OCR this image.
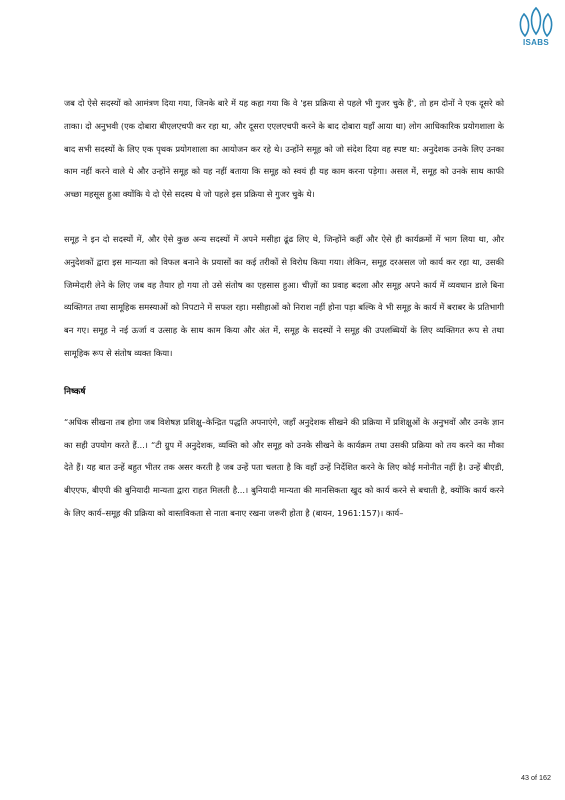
ISABS

जब दो ऐसे सदस्यों को आमंत्रण दिया गया, जिनके बारे में यह कहा गया कि वे 'इस प्रक्रिया से पहले भी गुजर चुके हैं', तो हम दोनों ने एक दूसरे को ताका। दो अनुभवी (एक दोबारा बीएलएचपी कर रहा था, और दूसरा एएलएचपी करने के बाद दोबारा यहाँ आया था) लोग आधिकारिक प्रयोगशाला के बाद सभी सदस्यों के लिए एक पृथक प्रयोगशाला का आयोजन कर रहे थे। उन्होंने समूह को जो संदेश दिया वह स्पष्ट था: अनुदेशक उनके लिए उनका काम नहीं करने वाले थे और उन्होंने समूह को यह नहीं बताया कि समूह को स्वयं ही यह काम करना पड़ेगा। असल में, समूह को उनके साथ काफी अच्छा महसूस हुआ क्योंकि ये दो ऐसे सदस्य थे जो पहले इस प्रक्रिया से गुजर चुके थे।

समूह ने इन दो सदस्यों में, और ऐसे कुछ अन्य सदस्यों में अपने मसीहा ढूंढ लिए थे, जिन्होंने कहीं और ऐसे ही कार्यक्रमों में भाग लिया था, और अनुदेशकों द्वारा इस मान्यता को विफल बनाने के प्रयासों का कई तरीकों से विरोध किया गया। लेकिन, समूह दरअसल जो कार्य कर रहा था, उसकी जिम्मेदारी लेने के लिए जब वह तैयार हो गया तो उसे संतोष का एहसास हुआ। चीज़ों का प्रवाह बदला और समूह अपने कार्य में व्यवधान डाले बिना व्यक्तिगत तथा सामूहिक समस्याओं को निपटाने में सफल रहा। मसीहाओं को निराश नहीं होना पड़ा बल्कि वे भी समूह के कार्य में बराबर के प्रतिभागी बन गए। समूह ने नई ऊर्जा व उत्साह के साथ काम किया और अंत में, समूह के सदस्यों ने समूह की उपलब्धियों के लिए व्यक्तिगत रूप से तथा सामूहिक रूप से संतोष व्यक्त किया।

निष्कर्ष

“अधिक सीखना तब होगा जब विशेषज्ञ प्रशिक्षु–केन्द्रित पद्धति अपनाएंगे, जहाँ अनुदेशक सीखने की प्रक्रिया में प्रशिक्षुओं के अनुभवों और उनके ज्ञान का सही उपयोग करते हैं...। “टी ग्रुप में अनुदेशक, व्यक्ति को और समूह को उनके सीखने के कार्यक्रम तथा उसकी प्रक्रिया को तय करने का मौका देते हैं। यह बात उन्हें बहुत भीतर तक असर करती है जब उन्हें पता चलता है कि वहाँ उन्हें निर्देशित करने के लिए कोई मनोनीत नहीं है। उन्हें बीएडी, बीएएफ, बीएपी की बुनियादी मान्यता द्वारा राहत मिलती है...। बुनियादी मान्यता की मानसिकता खुद को कार्य करने से बचाती है, क्योंकि कार्य करने के लिए कार्य–समूह की प्रक्रिया को वास्तविकता से नाता बनाए रखना जरूरी होता है (बायन, 1961:157)। कार्य–

43 of 162
